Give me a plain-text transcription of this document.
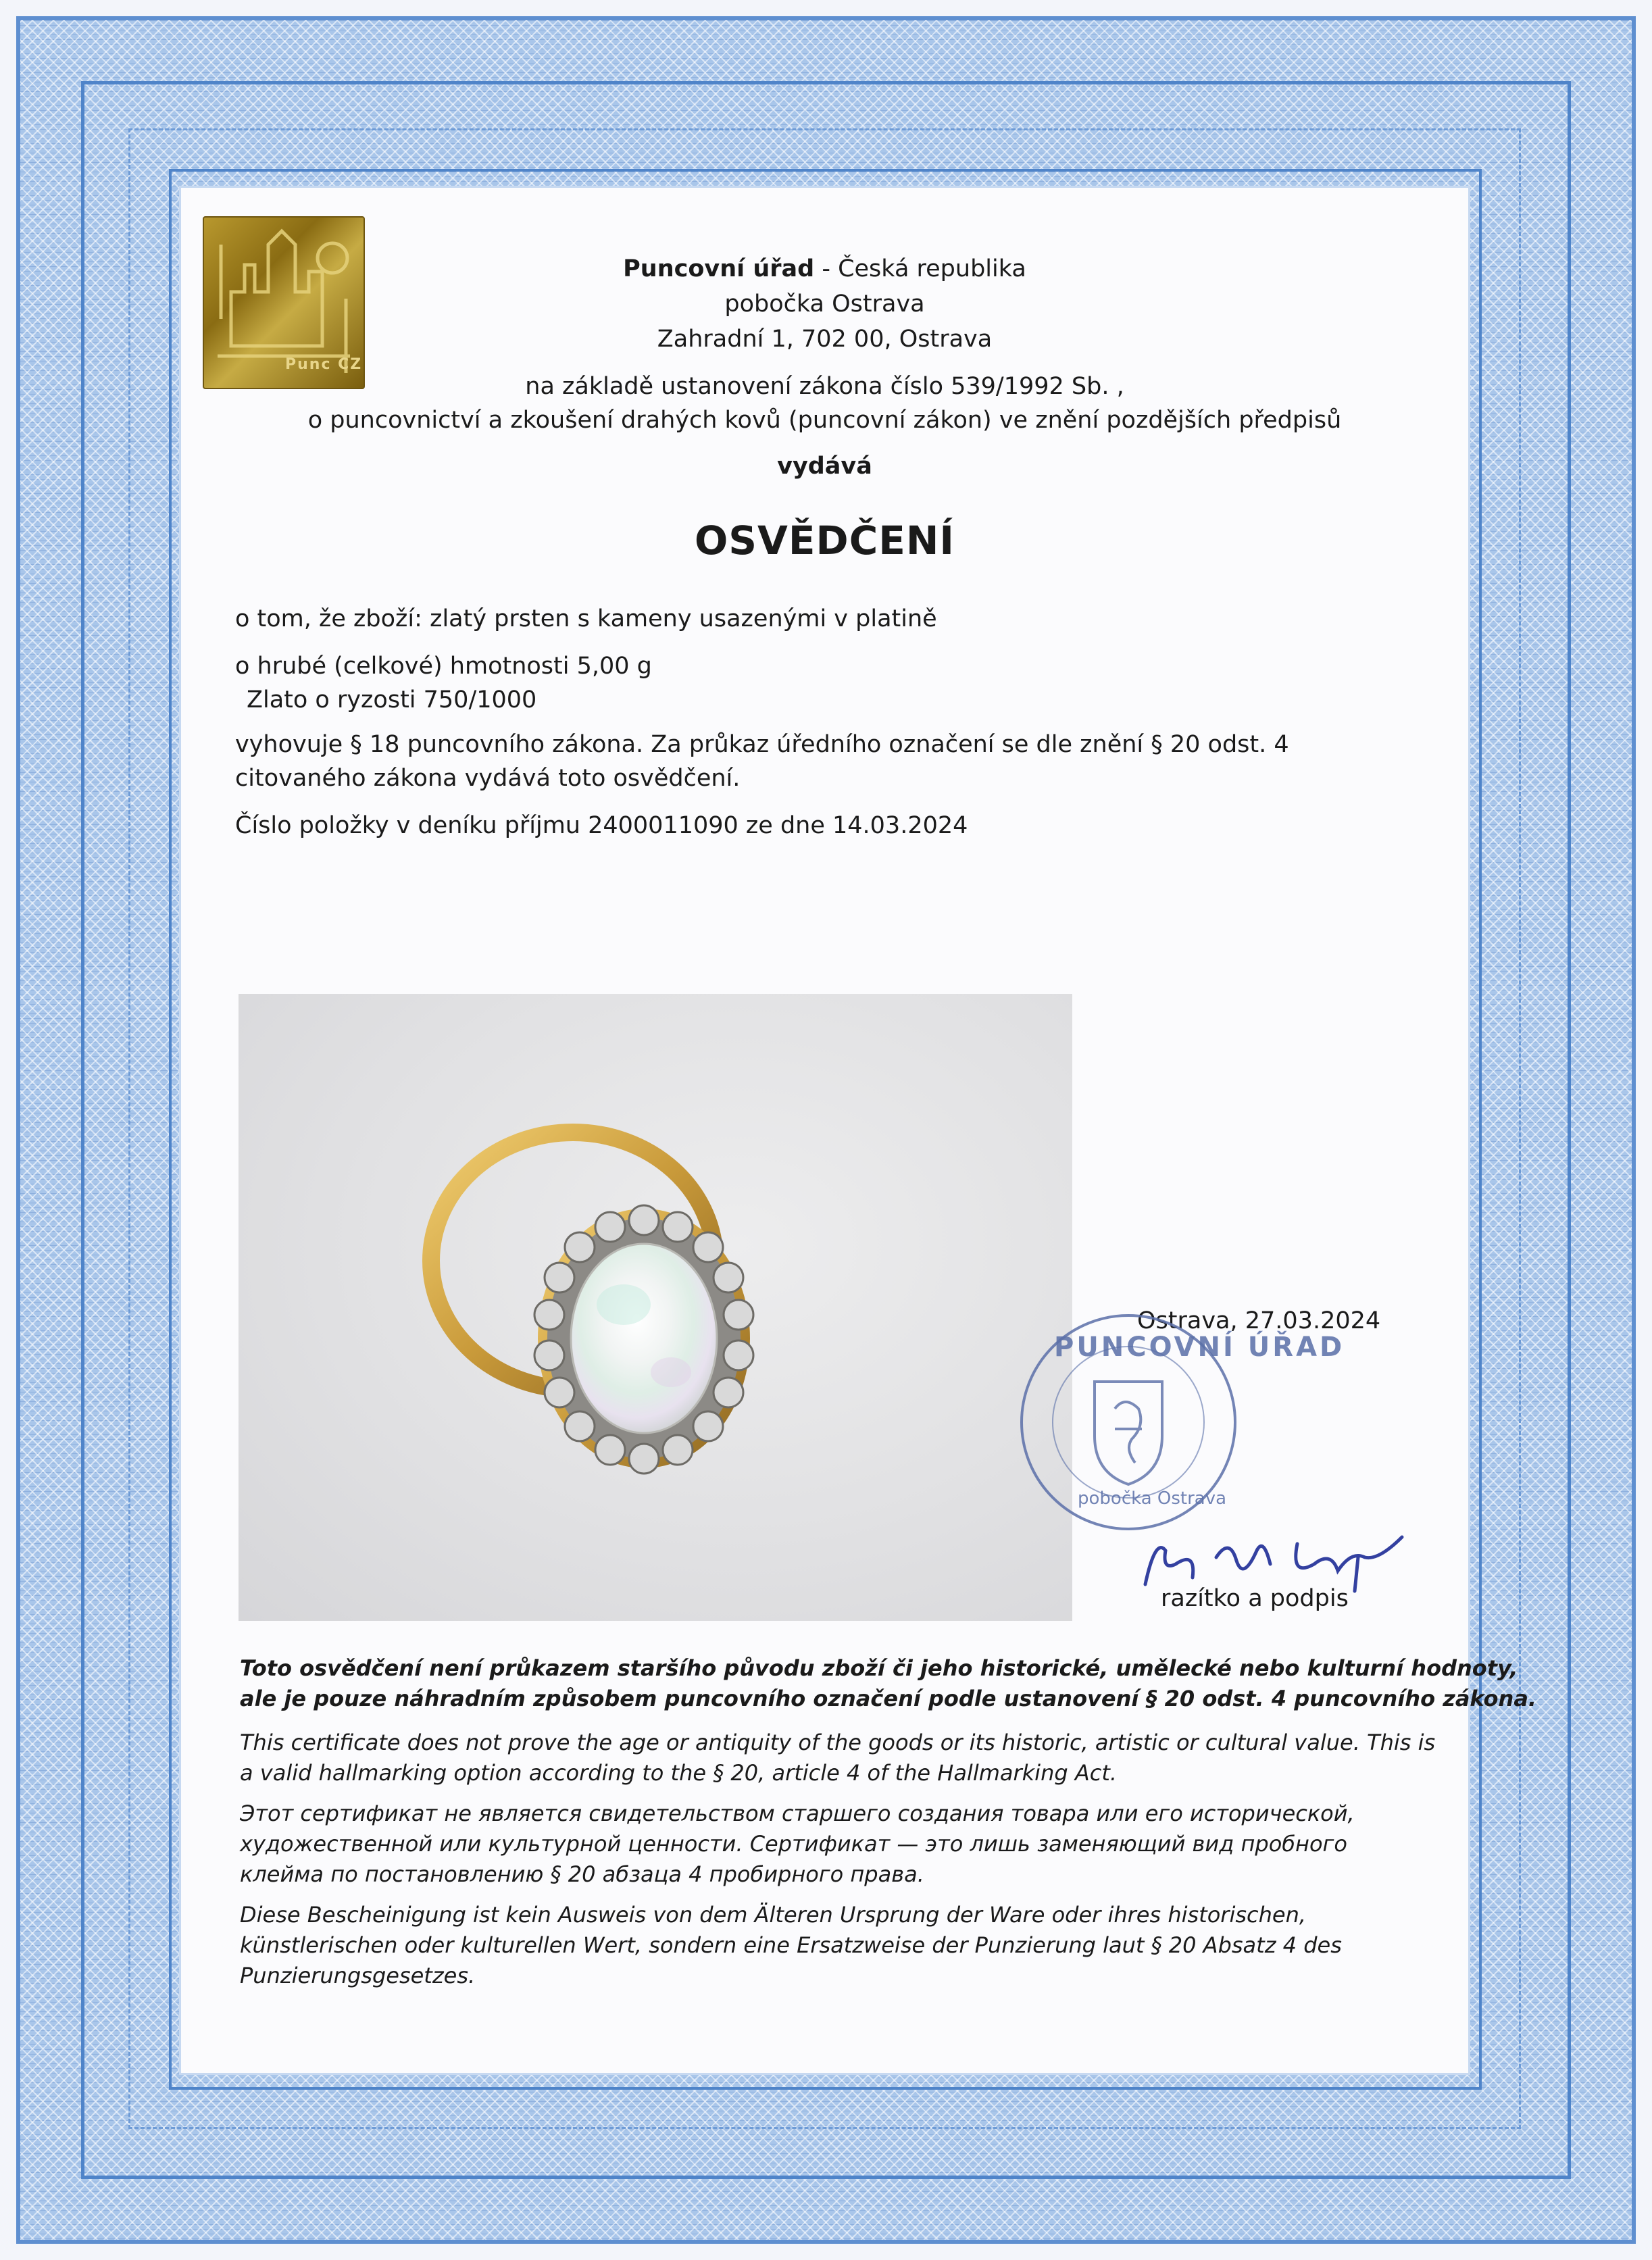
Punc CZ
Puncovní úřad - Česká republika
pobočka Ostrava
Zahradní 1, 702 00, Ostrava
na základě ustanovení zákona číslo 539/1992 Sb. ,
o puncovnictví a zkoušení drahých kovů (puncovní zákon) ve znění pozdějších předpisů
vydává
OSVĚDČENÍ
o tom, že zboží: zlatý prsten s kameny usazenými v platině
o hrubé (celkové) hmotnosti 5,00 g
Zlato o ryzosti 750/1000
vyhovuje § 18 puncovního zákona. Za průkaz úředního označení se dle znění § 20 odst. 4
citovaného zákona vydává toto osvědčení.
Číslo položky v deníku příjmu 2400011090 ze dne 14.03.2024
Ostrava, 27.03.2024
PUNCOVNÍ ÚŘAD
pobočka Ostrava
razítko a podpis
Toto osvědčení není průkazem staršího původu zboží či jeho historické, umělecké nebo kulturní hodnoty,
ale je pouze náhradním způsobem puncovního označení podle ustanovení § 20 odst. 4 puncovního zákona.
This certificate does not prove the age or antiquity of the goods or its historic, artistic or cultural value. This is
a valid hallmarking option according to the § 20, article 4 of the Hallmarking Act.
Этот сертификат не является свидетельством старшего создания товара или его исторической,
художественной или культурной ценности. Сертификат — это лишь заменяющий вид пробного
клейма по постановлению § 20 абзаца 4 пробирного права.
Diese Bescheinigung ist kein Ausweis von dem Älteren Ursprung der Ware oder ihres historischen,
künstlerischen oder kulturellen Wert, sondern eine Ersatzweise der Punzierung laut § 20 Absatz 4 des
Punzierungsgesetzes.
